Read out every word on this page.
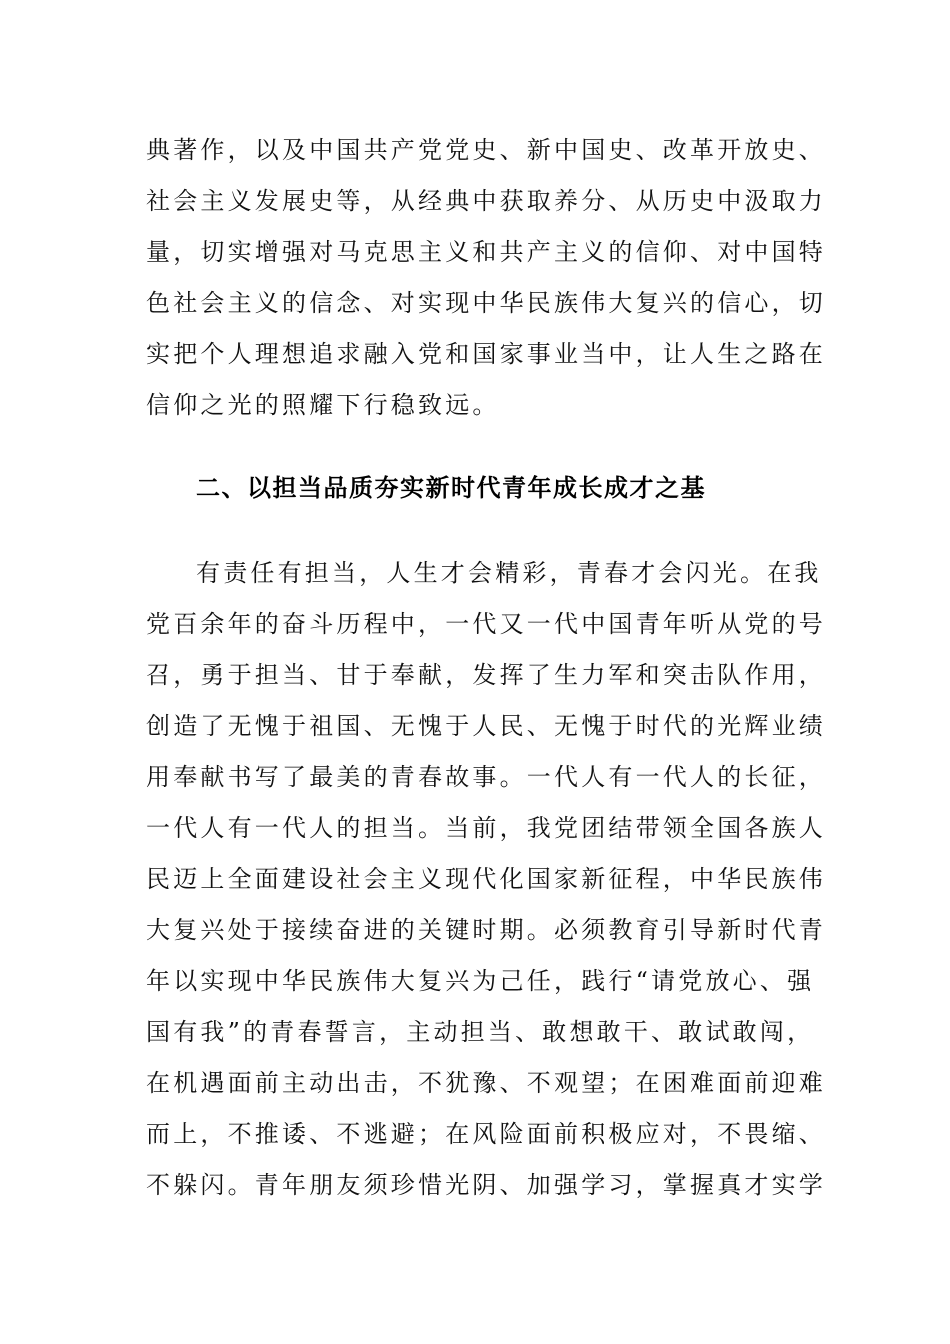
典著作，以及中国共产党党史、新中国史、改革开放史、
社会主义发展史等，从经典中获取养分、从历史中汲取力
量，切实增强对马克思主义和共产主义的信仰、对中国特
色社会主义的信念、对实现中华民族伟大复兴的信心，切
实把个人理想追求融入党和国家事业当中，让人生之路在
信仰之光的照耀下行稳致远。
二、以担当品质夯实新时代青年成长成才之基
有责任有担当，人生才会精彩，青春才会闪光。在我
党百余年的奋斗历程中，一代又一代中国青年听从党的号
召，勇于担当、甘于奉献，发挥了生力军和突击队作用，
创造了无愧于祖国、无愧于人民、无愧于时代的光辉业绩
用奉献书写了最美的青春故事。一代人有一代人的长征，
一代人有一代人的担当。当前，我党团结带领全国各族人
民迈上全面建设社会主义现代化国家新征程，中华民族伟
大复兴处于接续奋进的关键时期。必须教育引导新时代青
年以实现中华民族伟大复兴为己任，践行“请党放心、强
国有我”的青春誓言，主动担当、敢想敢干、敢试敢闯，
在机遇面前主动出击，不犹豫、不观望；在困难面前迎难
而上，不推诿、不逃避；在风险面前积极应对，不畏缩、
不躲闪。青年朋友须珍惜光阴、加强学习，掌握真才实学
